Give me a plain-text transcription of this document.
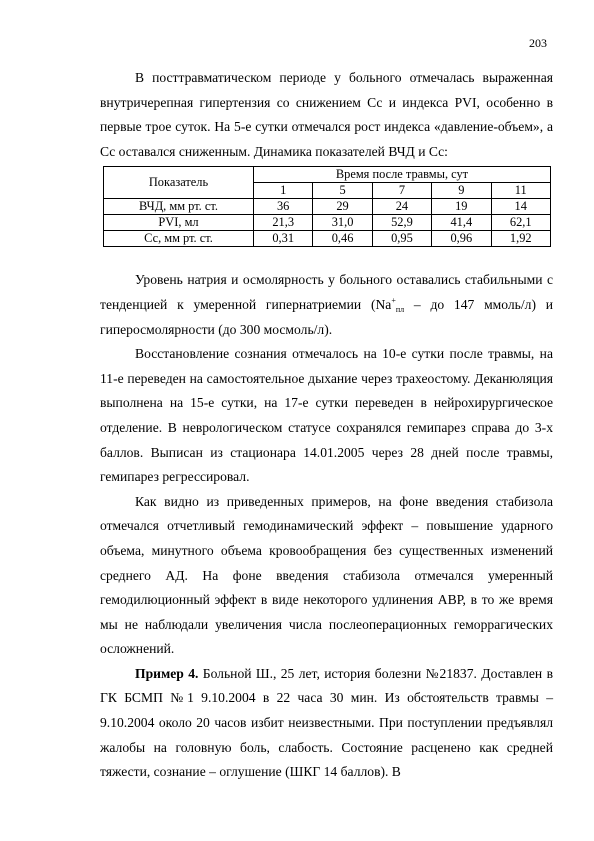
203

В посттравматическом периоде у больного отмечалась выраженная внутричерепная гипертензия со снижением Сс и индекса PVI, особенно в первые трое суток. На 5-е сутки отмечался рост индекса «давление-объем», а Сс оставался сниженным. Динамика показателей ВЧД и Сс:

Показатель	Время после травмы, сут				
	1	5	7	9	11
ВЧД, мм рт. ст.	36	29	24	19	14
PVI, мл	21,3	31,0	52,9	41,4	62,1
Сс, мм рт. ст.	0,31	0,46	0,95	0,96	1,92

Уровень натрия и осмолярность у больного оставались стабильными с тенденцией к умеренной гипернатриемии ($Na^+_{пл}$ – до 147 ммоль/л) и гиперосмолярности (до 300 мосмоль/л).

Восстановление сознания отмечалось на 10-е сутки после травмы, на 11-е переведен на самостоятельное дыхание через трахеостому. Деканюляция выполнена на 15-е сутки, на 17-е сутки переведен в нейрохирургическое отделение. В неврологическом статусе сохранялся гемипарез справа до 3-х баллов. Выписан из стационара 14.01.2005 через 28 дней после травмы, гемипарез регрессировал.

Как видно из приведенных примеров, на фоне введения стабизола отмечался отчетливый гемодинамический эффект – повышение ударного объема, минутного объема кровообращения без существенных изменений среднего АД. На фоне введения стабизола отмечался умеренный гемодилюционный эффект в виде некоторого удлинения АВР, в то же время мы не наблюдали увеличения числа послеоперационных геморрагических осложнений.

Пример 4. Больной Ш., 25 лет, история болезни №21837. Доставлен в ГК БСМП №1 9.10.2004 в 22 часа 30 мин. Из обстоятельств травмы – 9.10.2004 около 20 часов избит неизвестными. При поступлении предъявлял жалобы на головную боль, слабость. Состояние расценено как средней тяжести, сознание – оглушение (ШКГ 14 баллов). В
